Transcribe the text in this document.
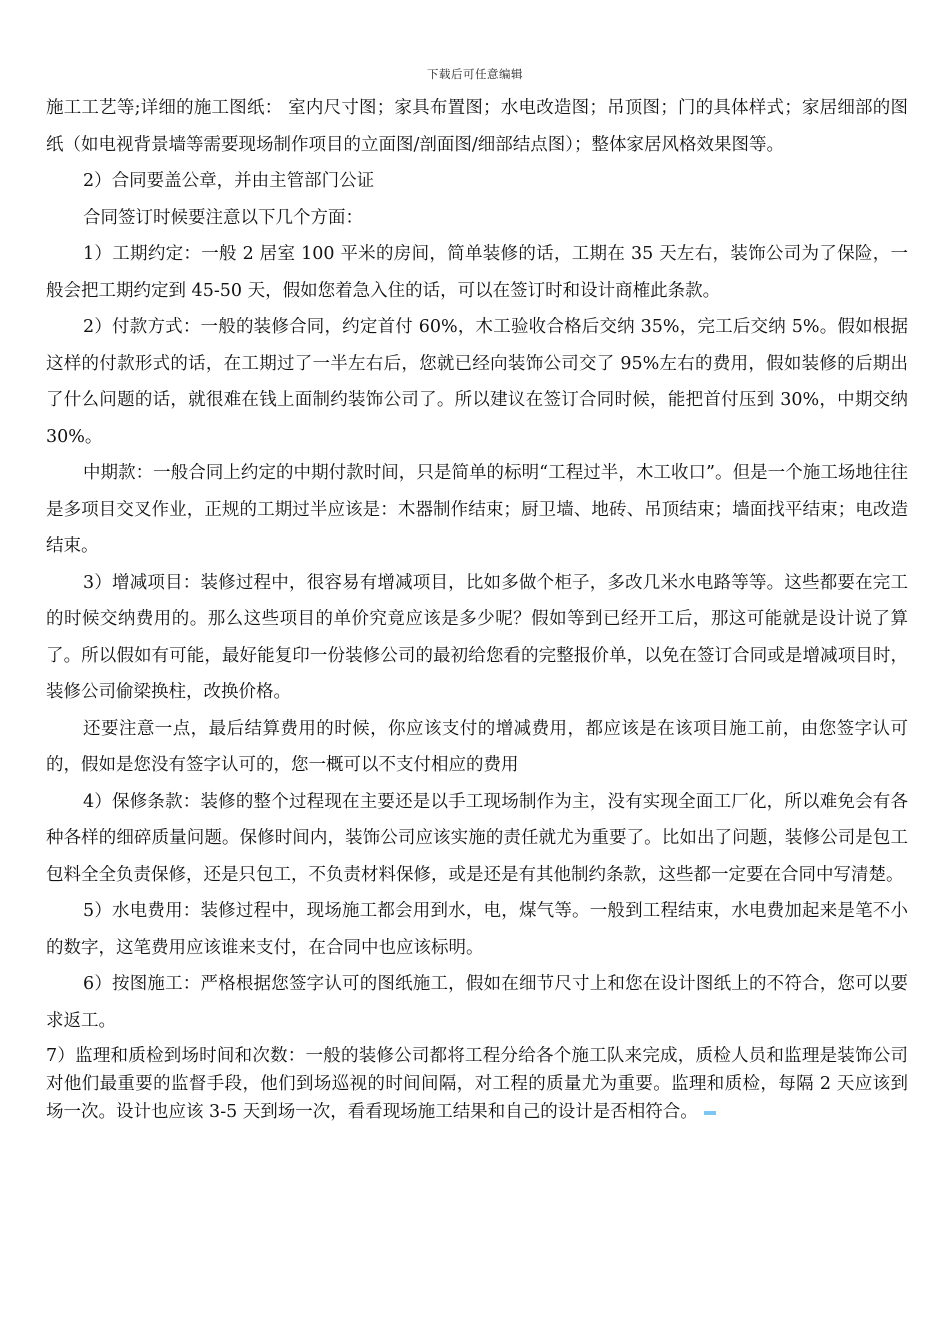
下载后可任意编辑

施工工艺等;详细的施工图纸： 室内尺寸图；家具布置图；水电改造图；吊顶图；门的具体样式；家居细部的图纸（如电视背景墙等需要现场制作项目的立面图/剖面图/细部结点图）；整体家居风格效果图等。

2）合同要盖公章，并由主管部门公证

合同签订时候要注意以下几个方面：

1）工期约定：一般 2 居室 100 平米的房间，简单装修的话，工期在 35 天左右，装饰公司为了保险，一般会把工期约定到 45-50 天，假如您着急入住的话，可以在签订时和设计商榷此条款。

2）付款方式：一般的装修合同，约定首付 60%，木工验收合格后交纳 35%，完工后交纳 5%。假如根据这样的付款形式的话，在工期过了一半左右后，您就已经向装饰公司交了 95%左右的费用，假如装修的后期出了什么问题的话，就很难在钱上面制约装饰公司了。所以建议在签订合同时候，能把首付压到 30%，中期交纳 30%。

中期款：一般合同上约定的中期付款时间，只是简单的标明“工程过半，木工收口”。但是一个施工场地往往是多项目交叉作业，正规的工期过半应该是：木器制作结束；厨卫墙、地砖、吊顶结束；墙面找平结束；电改造结束。

3）增减项目：装修过程中，很容易有增减项目，比如多做个柜子，多改几米水电路等等。这些都要在完工的时候交纳费用的。那么这些项目的单价究竟应该是多少呢？假如等到已经开工后，那这可能就是设计说了算了。所以假如有可能，最好能复印一份装修公司的最初给您看的完整报价单，以免在签订合同或是增减项目时，装修公司偷梁换柱，改换价格。

还要注意一点，最后结算费用的时候，你应该支付的增减费用，都应该是在该项目施工前，由您签字认可的，假如是您没有签字认可的，您一概可以不支付相应的费用

4）保修条款：装修的整个过程现在主要还是以手工现场制作为主，没有实现全面工厂化，所以难免会有各种各样的细碎质量问题。保修时间内，装饰公司应该实施的责任就尤为重要了。比如出了问题，装修公司是包工包料全全负责保修，还是只包工，不负责材料保修，或是还是有其他制约条款，这些都一定要在合同中写清楚。

5）水电费用：装修过程中，现场施工都会用到水，电，煤气等。一般到工程结束，水电费加起来是笔不小的数字，这笔费用应该谁来支付，在合同中也应该标明。

6）按图施工：严格根据您签字认可的图纸施工，假如在细节尺寸上和您在设计图纸上的不符合，您可以要求返工。

7）监理和质检到场时间和次数：一般的装修公司都将工程分给各个施工队来完成，质检人员和监理是装饰公司对他们最重要的监督手段，他们到场巡视的时间间隔，对工程的质量尤为重要。监理和质检，每隔 2 天应该到场一次。设计也应该 3-5 天到场一次，看看现场施工结果和自己的设计是否相符合。
